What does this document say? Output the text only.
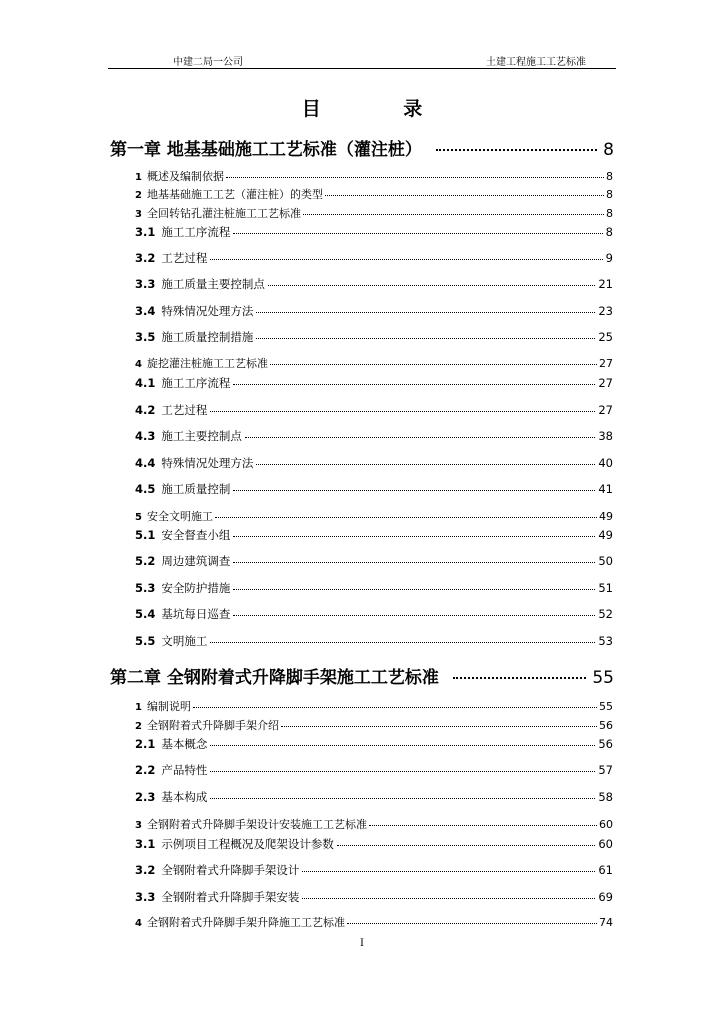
中建二局一公司	土建工程施工工艺标准
目 录
第一章 地基基础施工工艺标准（灌注桩）	8
1 概述及编制依据	8
2 地基基础施工工艺（灌注桩）的类型	8
3 全回转钻孔灌注桩施工工艺标准	8
3.1 施工工序流程	8
3.2 工艺过程	9
3.3 施工质量主要控制点	21
3.4 特殊情况处理方法	23
3.5 施工质量控制措施	25
4 旋挖灌注桩施工工艺标准	27
4.1 施工工序流程	27
4.2 工艺过程	27
4.3 施工主要控制点	38
4.4 特殊情况处理方法	40
4.5 施工质量控制	41
5 安全文明施工	49
5.1 安全督查小组	49
5.2 周边建筑调查	50
5.3 安全防护措施	51
5.4 基坑每日巡查	52
5.5 文明施工	53
第二章 全钢附着式升降脚手架施工工艺标准	55
1 编制说明	55
2 全钢附着式升降脚手架介绍	56
2.1 基本概念	56
2.2 产品特性	57
2.3 基本构成	58
3 全钢附着式升降脚手架设计安装施工工艺标准	60
3.1 示例项目工程概况及爬架设计参数	60
3.2 全钢附着式升降脚手架设计	61
3.3 全钢附着式升降脚手架安装	69
4 全钢附着式升降脚手架升降施工工艺标准	74
I
